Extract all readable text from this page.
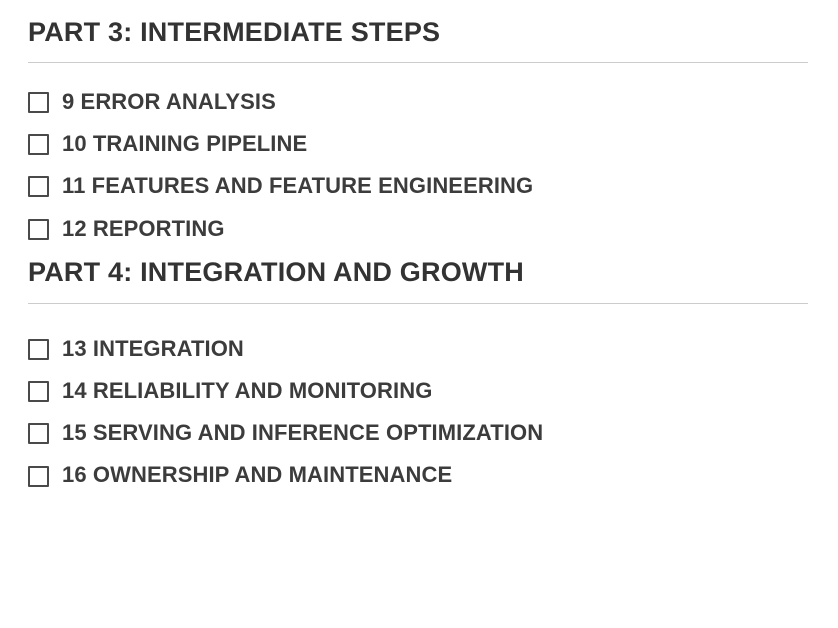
PART 3: INTERMEDIATE STEPS
9 ERROR ANALYSIS
10 TRAINING PIPELINE
11 FEATURES AND FEATURE ENGINEERING
12 REPORTING
PART 4: INTEGRATION AND GROWTH
13 INTEGRATION
14 RELIABILITY AND MONITORING
15 SERVING AND INFERENCE OPTIMIZATION
16 OWNERSHIP AND MAINTENANCE
